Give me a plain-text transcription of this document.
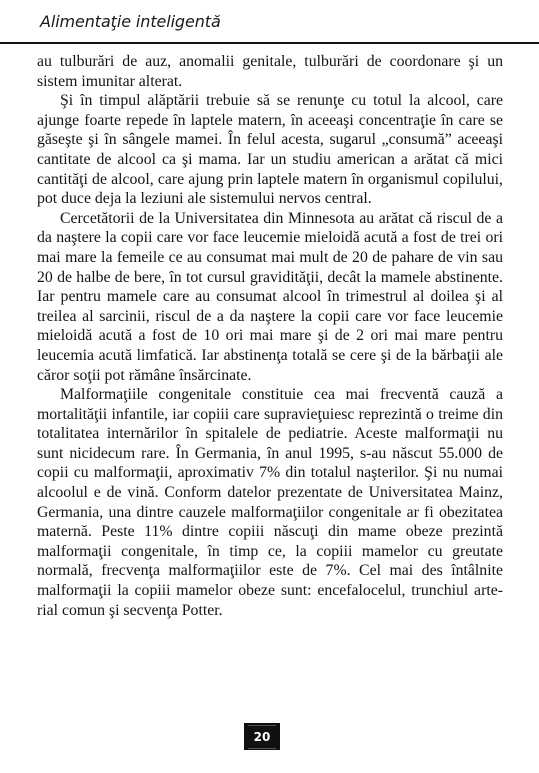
Alimentaţie inteligentă

au tulburări de auz, anomalii genitale, tulburări de coordonare şi un sistem imunitar alterat.

Şi în timpul alăptării trebuie să se renunţe cu totul la alcool, care ajunge foarte repede în laptele matern, în aceeaşi concentraţie în care se găseşte şi în sângele mamei. În felul acesta, sugarul „consumă” aceeaşi cantitate de alcool ca şi mama. Iar un studiu american a arătat că mici cantităţi de alcool, care ajung prin laptele matern în organismul copilului, pot duce deja la leziuni ale sistemului nervos central.

Cercetătorii de la Universitatea din Minnesota au arătat că riscul de a da naştere la copii care vor face leucemie mieloidă acută a fost de trei ori mai mare la femeile ce au consumat mai mult de 20 de pahare de vin sau 20 de halbe de bere, în tot cursul gravidităţii, decât la mamele abstinente. Iar pentru mamele care au consumat alcool în trimestrul al doilea şi al treilea al sarcinii, riscul de a da naştere la copii care vor face leucemie mieloidă acută a fost de 10 ori mai mare şi de 2 ori mai mare pentru leucemia acută limfatică. Iar abstinenţa totală se cere şi de la bărbaţii ale căror soţii pot rămâne însărcinate.

Malformaţiile congenitale constituie cea mai frecventă cauză a mortalităţii infantile, iar copiii care supravieţuiesc reprezintă o treime din totalitatea internărilor în spitalele de pediatrie. Aceste malformaţii nu sunt nicidecum rare. În Germania, în anul 1995, s-au născut 55.000 de copii cu malformaţii, aproximativ 7% din totalul naşterilor. Şi nu numai alcoolul e de vină. Conform datelor prezentate de Universitatea Mainz, Germania, una dintre cauzele malformaţiilor congenitale ar fi obezitatea maternă. Peste 11% dintre copiii născuţi din mame obeze prezintă malformaţii congenitale, în timp ce, la copiii mamelor cu greutate normală, frecvenţa malformaţiilor este de 7%. Cel mai des întâlnite malformaţii la copiii mamelor obeze sunt: encefalocelul, trunchiul arterial comun şi secvenţa Potter.

20
